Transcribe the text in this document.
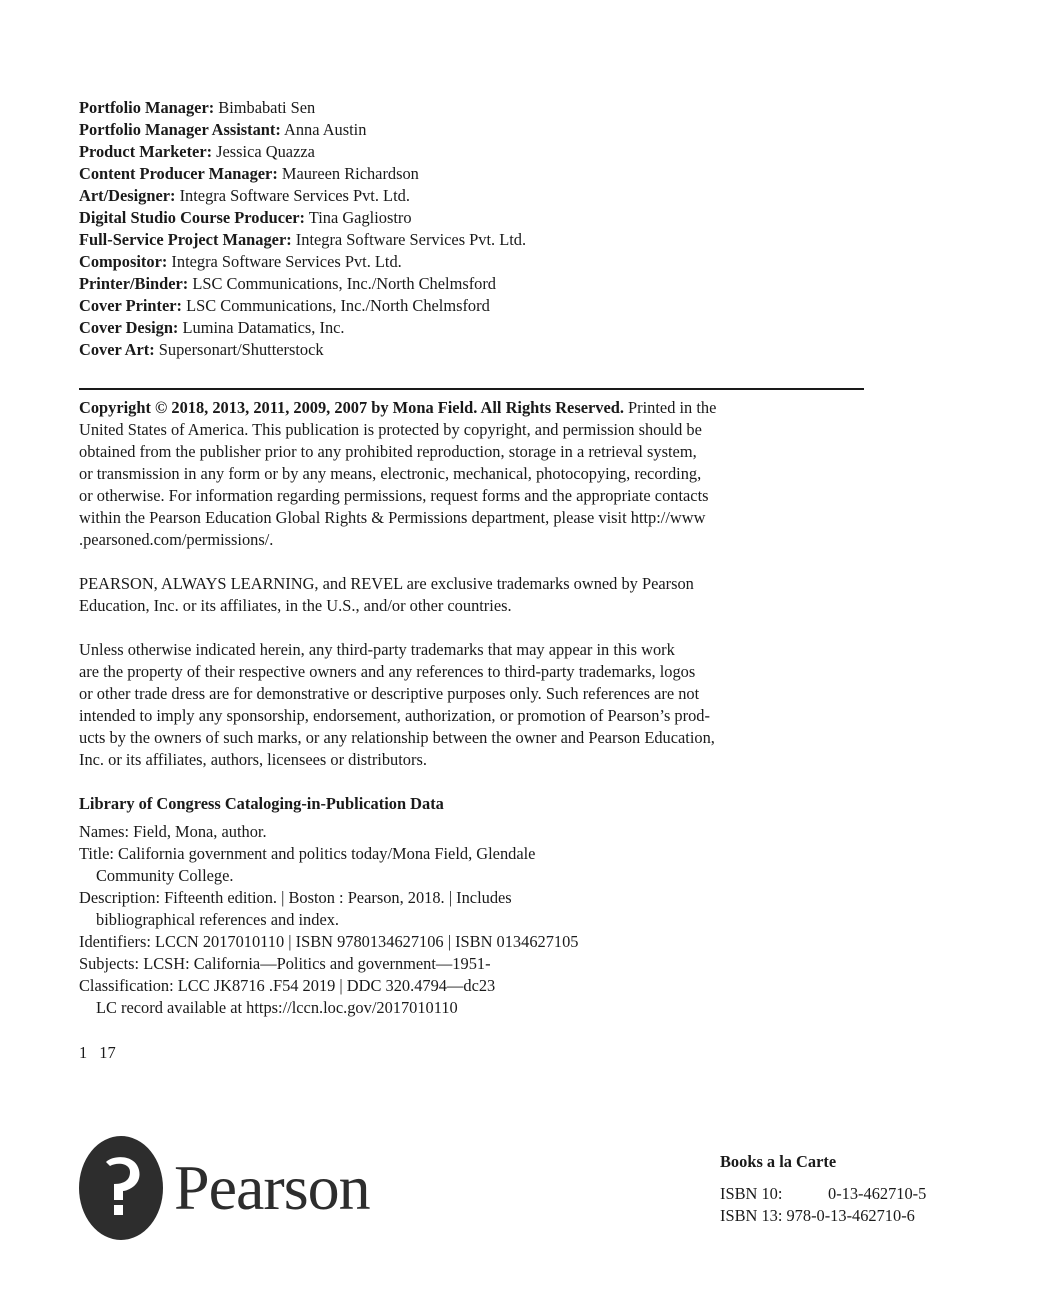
Portfolio Manager: Bimbabati Sen
Portfolio Manager Assistant: Anna Austin
Product Marketer: Jessica Quazza
Content Producer Manager: Maureen Richardson
Art/Designer: Integra Software Services Pvt. Ltd.
Digital Studio Course Producer: Tina Gagliostro
Full-Service Project Manager: Integra Software Services Pvt. Ltd.
Compositor: Integra Software Services Pvt. Ltd.
Printer/Binder: LSC Communications, Inc./North Chelmsford
Cover Printer: LSC Communications, Inc./North Chelmsford
Cover Design: Lumina Datamatics, Inc.
Cover Art: Supersonart/Shutterstock
Copyright © 2018, 2013, 2011, 2009, 2007 by Mona Field. All Rights Reserved. Printed in the
United States of America. This publication is protected by copyright, and permission should be
obtained from the publisher prior to any prohibited reproduction, storage in a retrieval system,
or transmission in any form or by any means, electronic, mechanical, photocopying, recording,
or otherwise. For information regarding permissions, request forms and the appropriate contacts
within the Pearson Education Global Rights & Permissions department, please visit http://www
.pearsoned.com/permissions/.
PEARSON, ALWAYS LEARNING, and REVEL are exclusive trademarks owned by Pearson
Education, Inc. or its affiliates, in the U.S., and/or other countries.
Unless otherwise indicated herein, any third-party trademarks that may appear in this work
are the property of their respective owners and any references to third-party trademarks, logos
or other trade dress are for demonstrative or descriptive purposes only. Such references are not
intended to imply any sponsorship, endorsement, authorization, or promotion of Pearson’s prod-
ucts by the owners of such marks, or any relationship between the owner and Pearson Education,
Inc. or its affiliates, authors, licensees or distributors.
Library of Congress Cataloging-in-Publication Data
Names: Field, Mona, author.
Title: California government and politics today/Mona Field, Glendale
Community College.
Description: Fifteenth edition. | Boston : Pearson, 2018. | Includes
bibliographical references and index.
Identifiers: LCCN 2017010110 | ISBN 9780134627106 | ISBN 0134627105
Subjects: LCSH: California—Politics and government—1951-
Classification: LCC JK8716 .F54 2019 | DDC 320.4794—dc23
LC record available at https://lccn.loc.gov/2017010110
1 17
Pearson	Books a la Carte
ISBN 10:	0-13-462710-5
ISBN 13: 978-0-13-462710-6
